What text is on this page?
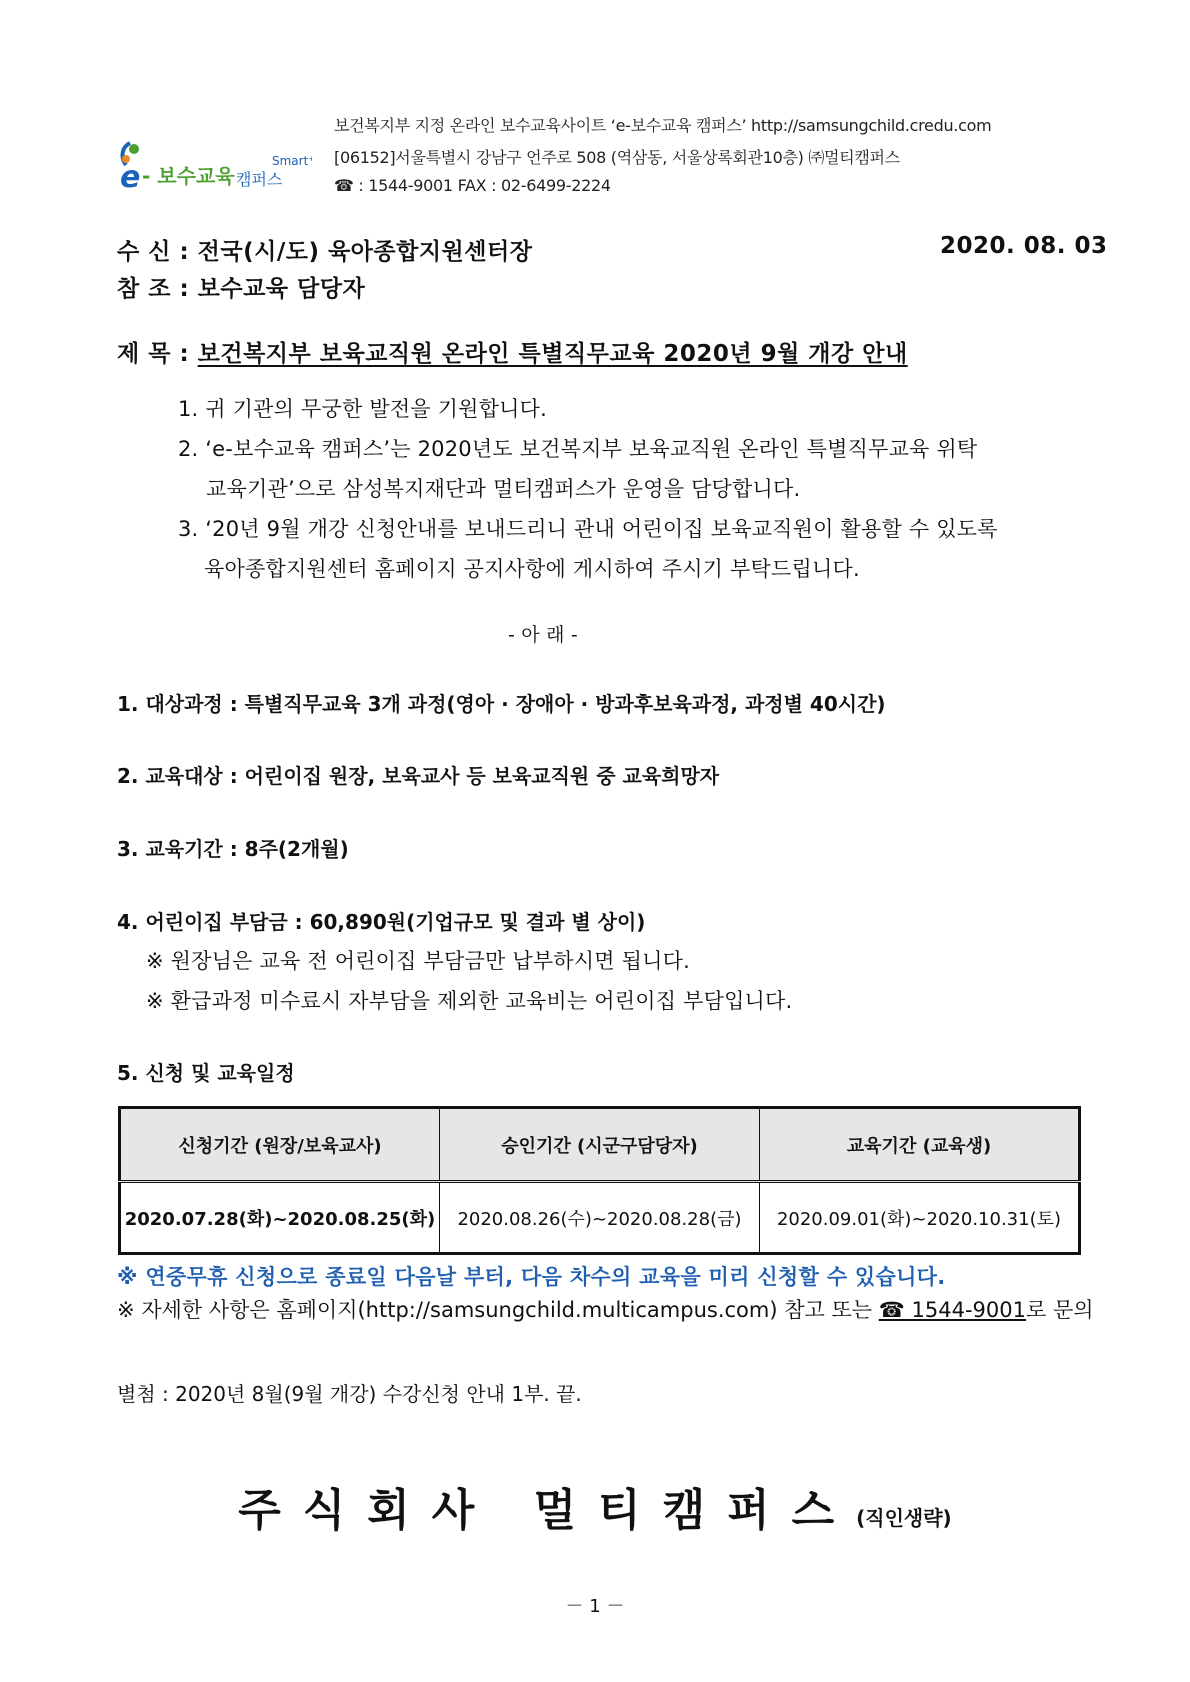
e - 보수교육 캠퍼스
Smart⁺
보건복지부 지정 온라인 보수교육사이트 ‘e-보수교육 캠퍼스’ http://samsungchild.credu.com
[06152]서울특별시 강남구 언주로 508 (역삼동, 서울상록회관10층) ㈜멀티캠퍼스
☎ : 1544-9001 FAX : 02-6499-2224
수 신 : 전국(시/도) 육아종합지원센터장	2020. 08. 03
참 조 : 보수교육 담당자
제 목 : 보건복지부 보육교직원 온라인 특별직무교육 2020년 9월 개강 안내
1. 귀 기관의 무궁한 발전을 기원합니다.
2. ‘e-보수교육 캠퍼스’는 2020년도 보건복지부 보육교직원 온라인 특별직무교육 위탁
교육기관’으로 삼성복지재단과 멀티캠퍼스가 운영을 담당합니다.
3. ‘20년 9월 개강 신청안내를 보내드리니 관내 어린이집 보육교직원이 활용할 수 있도록
육아종합지원센터 홈페이지 공지사항에 게시하여 주시기 부탁드립니다.
- 아 래 -
1. 대상과정 : 특별직무교육 3개 과정(영아 · 장애아 · 방과후보육과정, 과정별 40시간)
2. 교육대상 : 어린이집 원장, 보육교사 등 보육교직원 중 교육희망자
3. 교육기간 : 8주(2개월)
4. 어린이집 부담금 : 60,890원(기업규모 및 결과 별 상이)
※ 원장님은 교육 전 어린이집 부담금만 납부하시면 됩니다.
※ 환급과정 미수료시 자부담을 제외한 교육비는 어린이집 부담입니다.
5. 신청 및 교육일정
신청기간 (원장/보육교사)	승인기간 (시군구담당자)	교육기간 (교육생)
2020.07.28(화)~2020.08.25(화)	2020.08.26(수)~2020.08.28(금)	2020.09.01(화)~2020.10.31(토)
※ 연중무휴 신청으로 종료일 다음날 부터, 다음 차수의 교육을 미리 신청할 수 있습니다.
※ 자세한 사항은 홈페이지(http://samsungchild.multicampus.com) 참고 또는 ☎ 1544-9001로 문의
별첨 : 2020년 8월(9월 개강) 수강신청 안내 1부. 끝.
주식회사 멀티캠퍼스(직인생략)
－ 1 －
